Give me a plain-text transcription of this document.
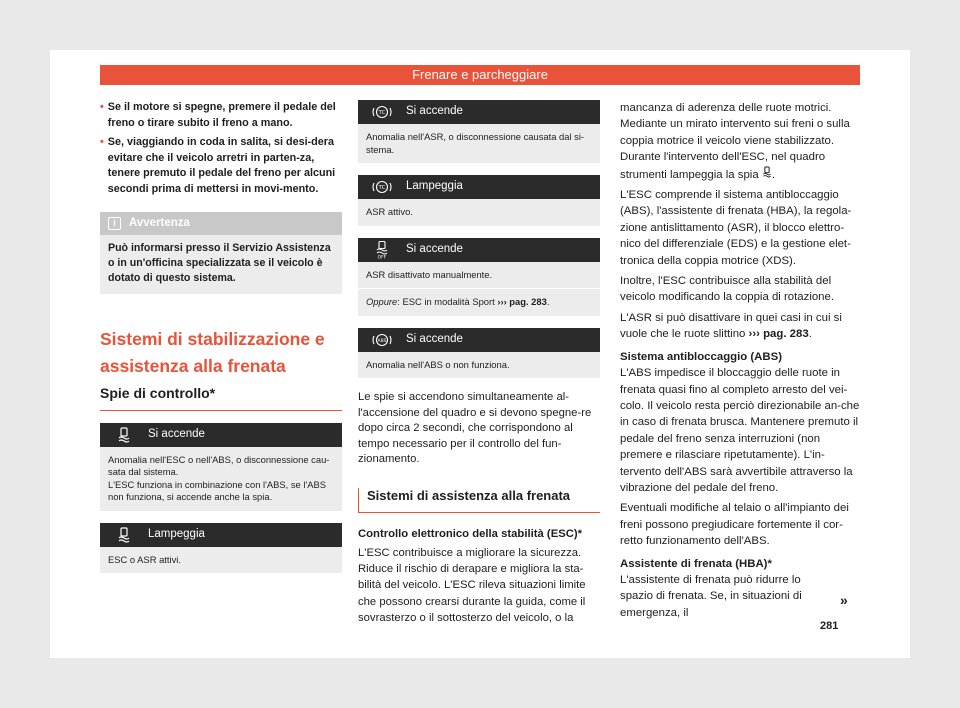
Frenare e parcheggiare
• Se il motore si spegne, premere il pedale del freno o tirare subito il freno a mano.
• Se, viaggiando in coda in salita, si desi-dera evitare che il veicolo arretri in parten-za, tenere premuto il pedale del freno per alcuni secondi prima di mettersi in movi-mento.
i	Avvertenza
Può informarsi presso il Servizio Assistenza o in un'officina specializzata se il veicolo è dotato di questo sistema.
Sistemi di stabilizzazione e assistenza alla frenata
Spie di controllo*
Si accende
Anomalia nell'ESC o nell'ABS, o disconnessione cau-sata dal sistema.
L'ESC funziona in combinazione con l'ABS, se l'ABS non funziona, si accende anche la spia.
Lampeggia
ESC o ASR attivi.
TC Si accende
Anomalia nell'ASR, o disconnessione causata dal si-stema.
TC Lampeggia
ASR attivo.
OFF
Si accende
ASR disattivato manualmente.
Oppure: ESC in modalità Sport ››› pag. 283.
ABS Si accende
Anomalia nell'ABS o non funziona.
Le spie si accendono simultaneamente al-l'accensione del quadro e si devono spegne-re dopo circa 2 secondi, che corrispondono al tempo necessario per il controllo del fun-zionamento.
Sistemi di assistenza alla frenata
Controllo elettronico della stabilità (ESC)*
L'ESC contribuisce a migliorare la sicurezza. Riduce il rischio di derapare e migliora la sta-bilità del veicolo. L'ESC rileva situazioni limite che possono crearsi durante la guida, come il sovrasterzo o il sottosterzo del veicolo, o la
mancanza di aderenza delle ruote motrici. Mediante un mirato intervento sui freni o sulla coppia motrice il veicolo viene stabilizzato. Durante l'intervento dell'ESC, nel quadro strumenti lampeggia la spia .
L'ESC comprende il sistema antibloccaggio (ABS), l'assistente di frenata (HBA), la regola-zione antislittamento (ASR), il blocco elettro-nico del differenziale (EDS) e la gestione elet-tronica della coppia motrice (XDS).
Inoltre, l'ESC contribuisce alla stabilità del veicolo modificando la coppia di rotazione.
L'ASR si può disattivare in quei casi in cui si vuole che le ruote slittino ››› pag. 283.
Sistema antibloccaggio (ABS)
L'ABS impedisce il bloccaggio delle ruote in frenata quasi fino al completo arresto del vei-colo. Il veicolo resta perciò direzionabile an-che in caso di frenata brusca. Mantenere premuto il pedale del freno senza interruzioni (non premere e rilasciare ripetutamente). L'in-tervento dell'ABS sarà avvertibile attraverso la vibrazione del pedale del freno.
Eventuali modifiche al telaio o all'impianto dei freni possono pregiudicare fortemente il cor-retto funzionamento dell'ABS.
Assistente di frenata (HBA)*
L'assistente di frenata può ridurre lo spazio di frenata. Se, in situazioni di emergenza, il
»
281
